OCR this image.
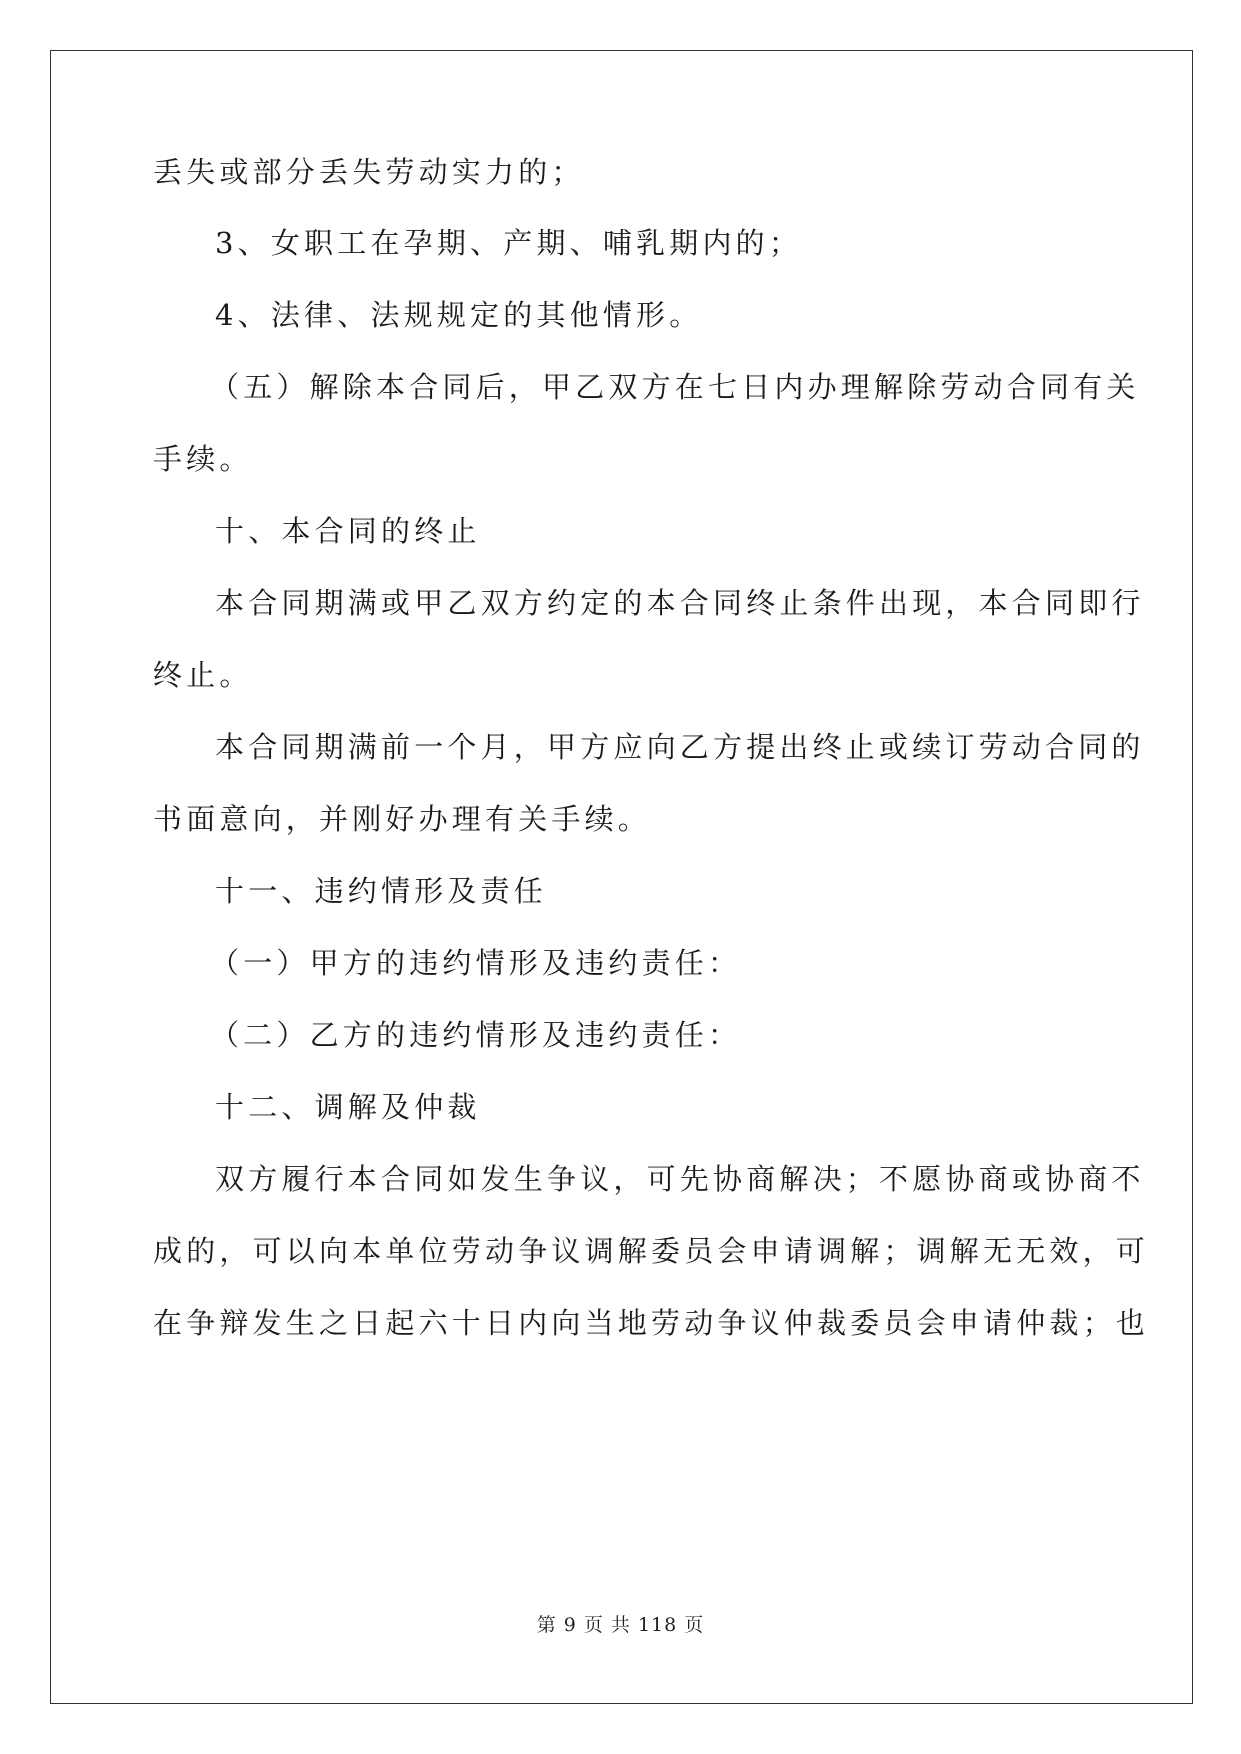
丢失或部分丢失劳动实力的；
3、女职工在孕期、产期、哺乳期内的；
4、法律、法规规定的其他情形。
（五）解除本合同后，甲乙双方在七日内办理解除劳动合同有关
手续。
十、本合同的终止
本合同期满或甲乙双方约定的本合同终止条件出现，本合同即行
终止。
本合同期满前一个月，甲方应向乙方提出终止或续订劳动合同的
书面意向，并刚好办理有关手续。
十一、违约情形及责任
（一）甲方的违约情形及违约责任：
（二）乙方的违约情形及违约责任：
十二、调解及仲裁
双方履行本合同如发生争议，可先协商解决；不愿协商或协商不
成的，可以向本单位劳动争议调解委员会申请调解；调解无无效，可
在争辩发生之日起六十日内向当地劳动争议仲裁委员会申请仲裁；也
第 9 页 共 118 页
